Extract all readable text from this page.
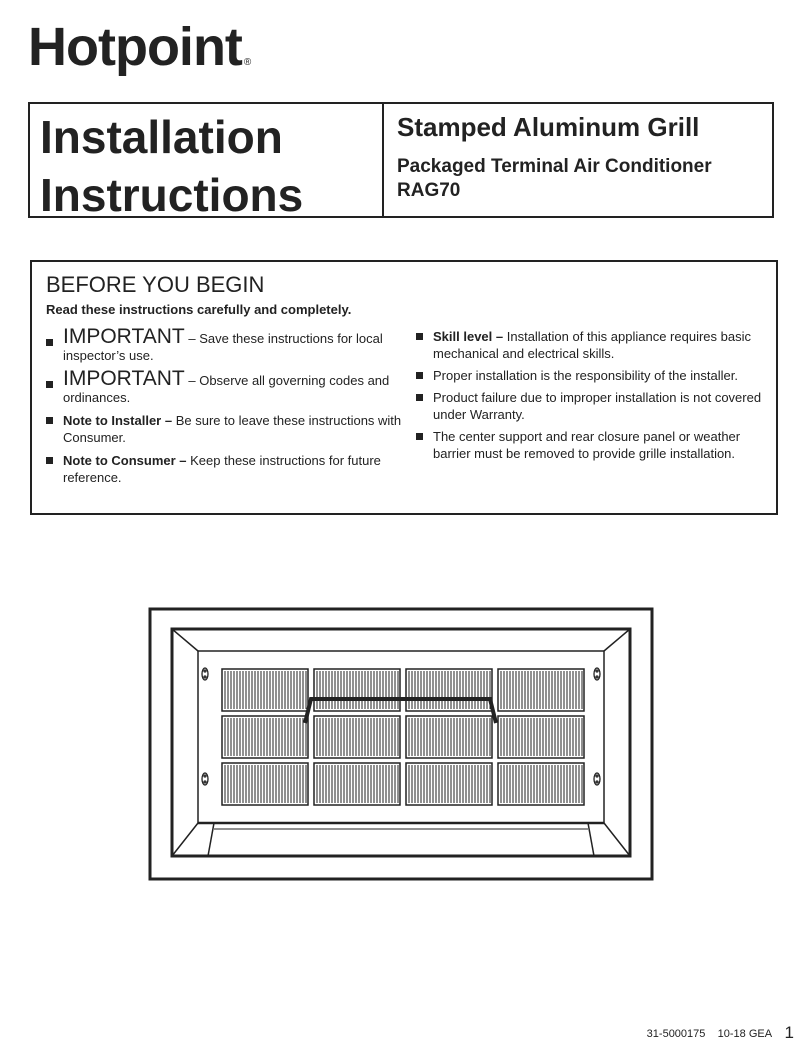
Hotpoint ®
Installation
Instructions
Stamped Aluminum Grill
Packaged Terminal Air Conditioner
RAG70
BEFORE YOU BEGIN
Read these instructions carefully and completely.
IMPORTANT – Save these instructions for local inspector’s use.
IMPORTANT – Observe all governing codes and ordinances.
Note to Installer – Be sure to leave these instructions with Consumer.
Note to Consumer – Keep these instructions for future reference.
Skill level – Installation of this appliance requires basic mechanical and electrical skills.
Proper installation is the responsibility of the installer.
Product failure due to improper installation is not covered under Warranty.
The center support and rear closure panel or weather barrier must be removed to provide grille installation.
31-5000175 10-18 GEA 1
